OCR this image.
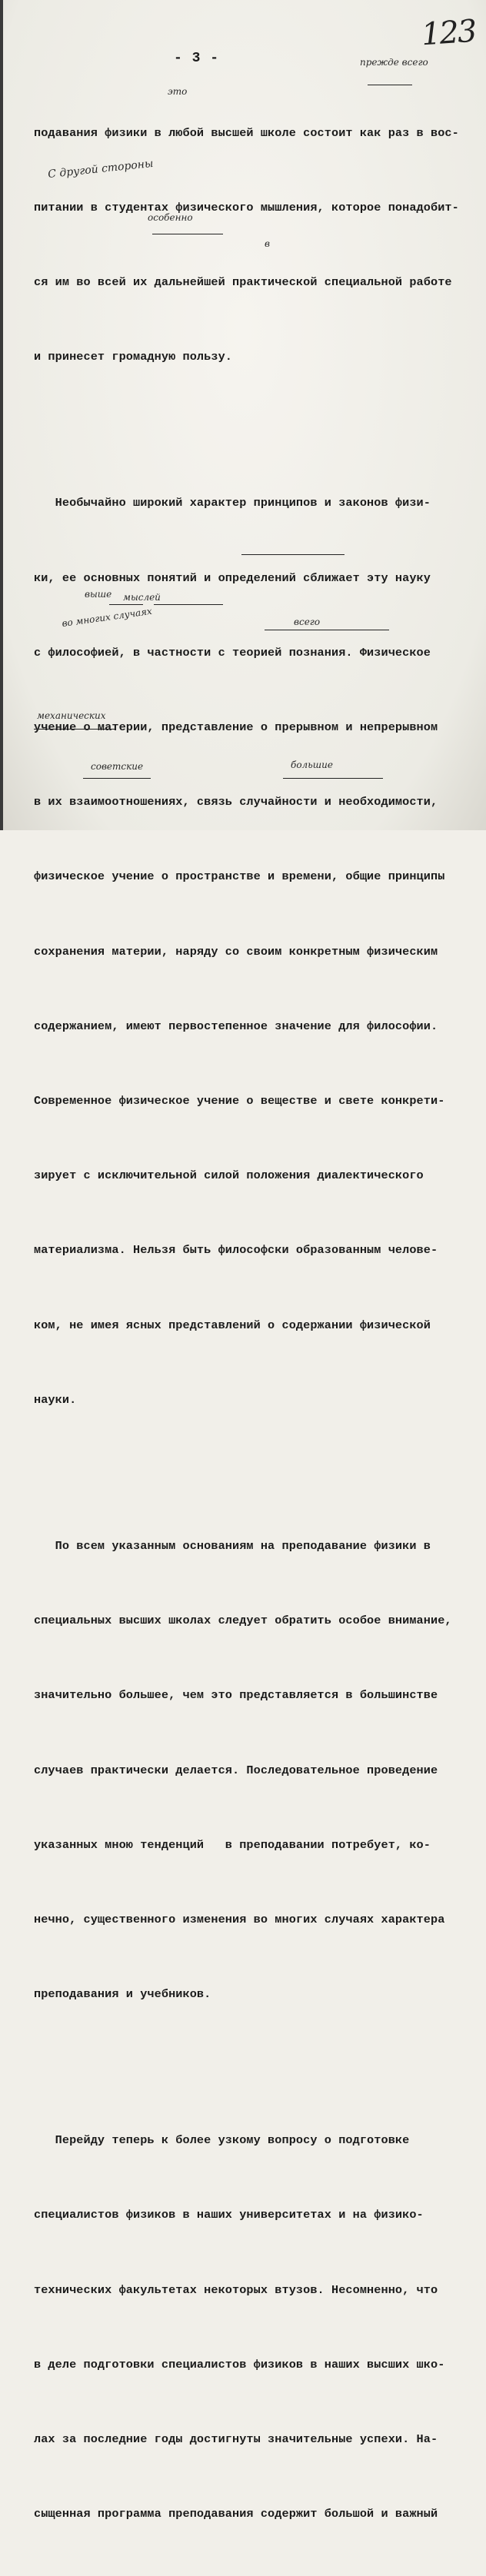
123
- 3 -

подавания физики в любой высшей школе состоит как раз в вос-

питании в студентах физического мышления, которое понадобит-

ся им во всей их дальнейшей практической специальной работе

и принесет громадную пользу.

Необычайно широкий характер принципов и законов физи-

ки, ее основных понятий и определений сближает эту науку

с философией, в частности с теорией познания. Физическое

учение о материи, представление о прерывном и непрерывном

в их взаимоотношениях, связь случайности и необходимости,

физическое учение о пространстве и времени, общие принципы

сохранения материи, наряду со своим конкретным физическим

содержанием, имеют первостепенное значение для философии.

Современное физическое учение о веществе и свете конкрети-

зирует с исключительной силой положения диалектического

материализма. Нельзя быть философски образованным челове-

ком, не имея ясных представлений о содержании физической

науки.

По всем указанным основаниям на преподавание физики в

специальных высших школах следует обратить особое внимание,

значительно большее, чем это представляется в большинстве

случаев практически делается. Последовательное проведение

указанных мною тенденций   в преподавании потребует, ко-

нечно, существенного изменения во многих случаях характера

преподавания и учебников.

Перейду теперь к более узкому вопросу о подготовке

специалистов физиков в наших университетах и на физико-

технических факультетах некоторых втузов. Несомненно, что

в деле подготовки специалистов физиков в наших высших шко-

лах за последние годы достигнуты значительные успехи. На-

сыщенная программа преподавания содержит большой и важный

прежде всего
это
С другой стороны
особенно
в
выше мыслей
во многих случаях	всего
механических
советские	большие
